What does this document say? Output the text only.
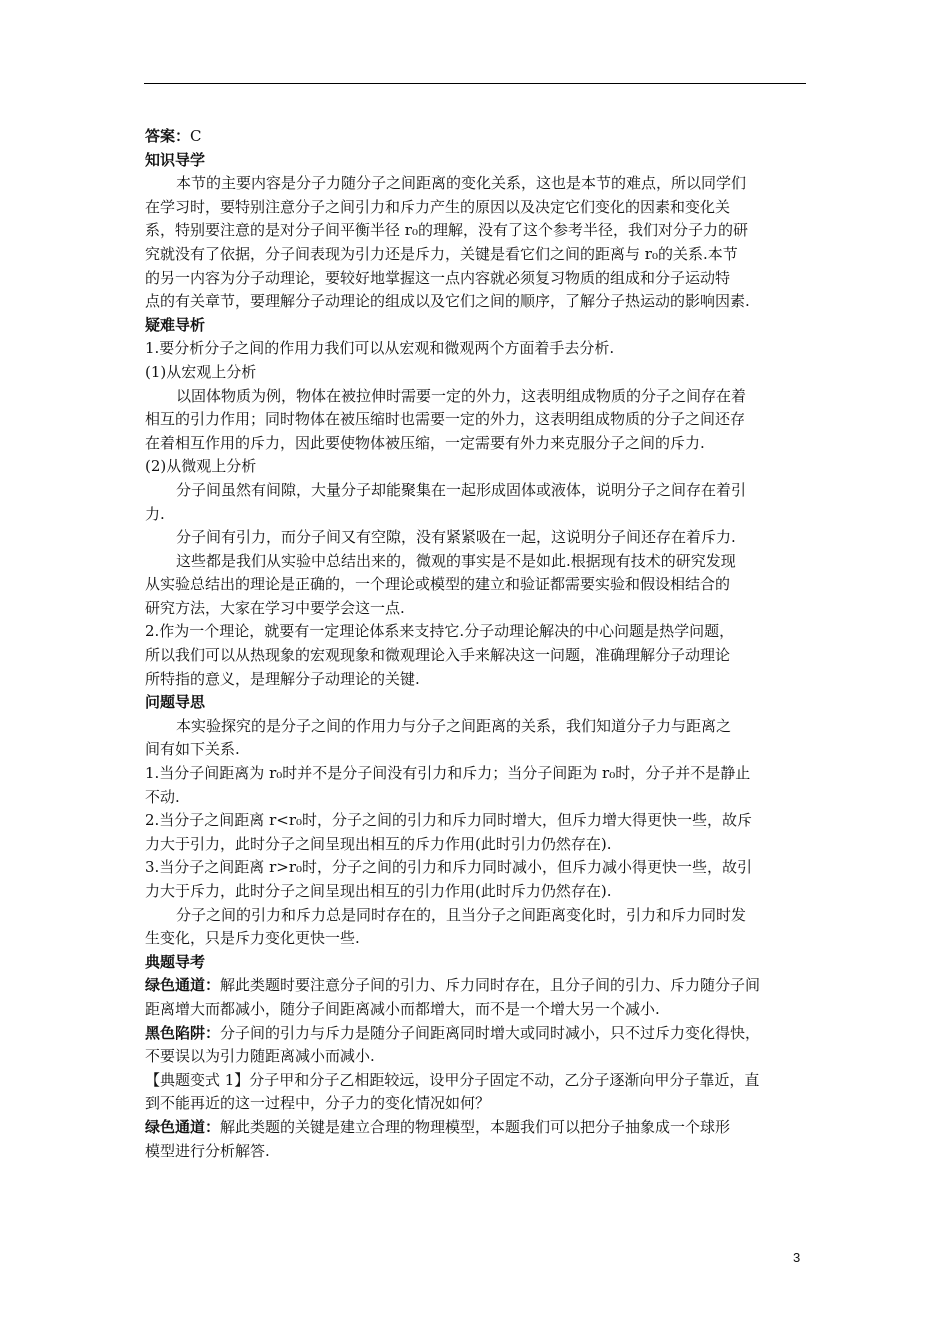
答案：C
知识导学
本节的主要内容是分子力随分子之间距离的变化关系，这也是本节的难点，所以同学们
在学习时，要特别注意分子之间引力和斥力产生的原因以及决定它们变化的因素和变化关
系，特别要注意的是对分子间平衡半径 r₀的理解，没有了这个参考半径，我们对分子力的研
究就没有了依据，分子间表现为引力还是斥力，关键是看它们之间的距离与 r₀的关系.本节
的另一内容为分子动理论，要较好地掌握这一点内容就必须复习物质的组成和分子运动特
点的有关章节，要理解分子动理论的组成以及它们之间的顺序，了解分子热运动的影响因素.
疑难导析
1.要分析分子之间的作用力我们可以从宏观和微观两个方面着手去分析.
(1)从宏观上分析
以固体物质为例，物体在被拉伸时需要一定的外力，这表明组成物质的分子之间存在着
相互的引力作用；同时物体在被压缩时也需要一定的外力，这表明组成物质的分子之间还存
在着相互作用的斥力，因此要使物体被压缩，一定需要有外力来克服分子之间的斥力.
(2)从微观上分析
分子间虽然有间隙，大量分子却能聚集在一起形成固体或液体，说明分子之间存在着引
力.
分子间有引力，而分子间又有空隙，没有紧紧吸在一起，这说明分子间还存在着斥力.
这些都是我们从实验中总结出来的，微观的事实是不是如此.根据现有技术的研究发现
从实验总结出的理论是正确的，一个理论或模型的建立和验证都需要实验和假设相结合的
研究方法，大家在学习中要学会这一点.
2.作为一个理论，就要有一定理论体系来支持它.分子动理论解决的中心问题是热学问题，
所以我们可以从热现象的宏观现象和微观理论入手来解决这一问题，准确理解分子动理论
所特指的意义，是理解分子动理论的关键.
问题导思
本实验探究的是分子之间的作用力与分子之间距离的关系，我们知道分子力与距离之
间有如下关系.
1.当分子间距离为 r₀时并不是分子间没有引力和斥力；当分子间距为 r₀时，分子并不是静止
不动.
2.当分子之间距离 r<r₀时，分子之间的引力和斥力同时增大，但斥力增大得更快一些，故斥
力大于引力，此时分子之间呈现出相互的斥力作用(此时引力仍然存在).
3.当分子之间距离 r>r₀时，分子之间的引力和斥力同时减小，但斥力减小得更快一些，故引
力大于斥力，此时分子之间呈现出相互的引力作用(此时斥力仍然存在).
分子之间的引力和斥力总是同时存在的，且当分子之间距离变化时，引力和斥力同时发
生变化，只是斥力变化更快一些.
典题导考
绿色通道：解此类题时要注意分子间的引力、斥力同时存在，且分子间的引力、斥力随分子间
距离增大而都减小，随分子间距离减小而都增大，而不是一个增大另一个减小.
黑色陷阱：分子间的引力与斥力是随分子间距离同时增大或同时减小，只不过斥力变化得快，
不要误以为引力随距离减小而减小.
【典题变式 1】分子甲和分子乙相距较远，设甲分子固定不动，乙分子逐渐向甲分子靠近，直
到不能再近的这一过程中，分子力的变化情况如何？
绿色通道：解此类题的关键是建立合理的物理模型，本题我们可以把分子抽象成一个球形
模型进行分析解答.
3
